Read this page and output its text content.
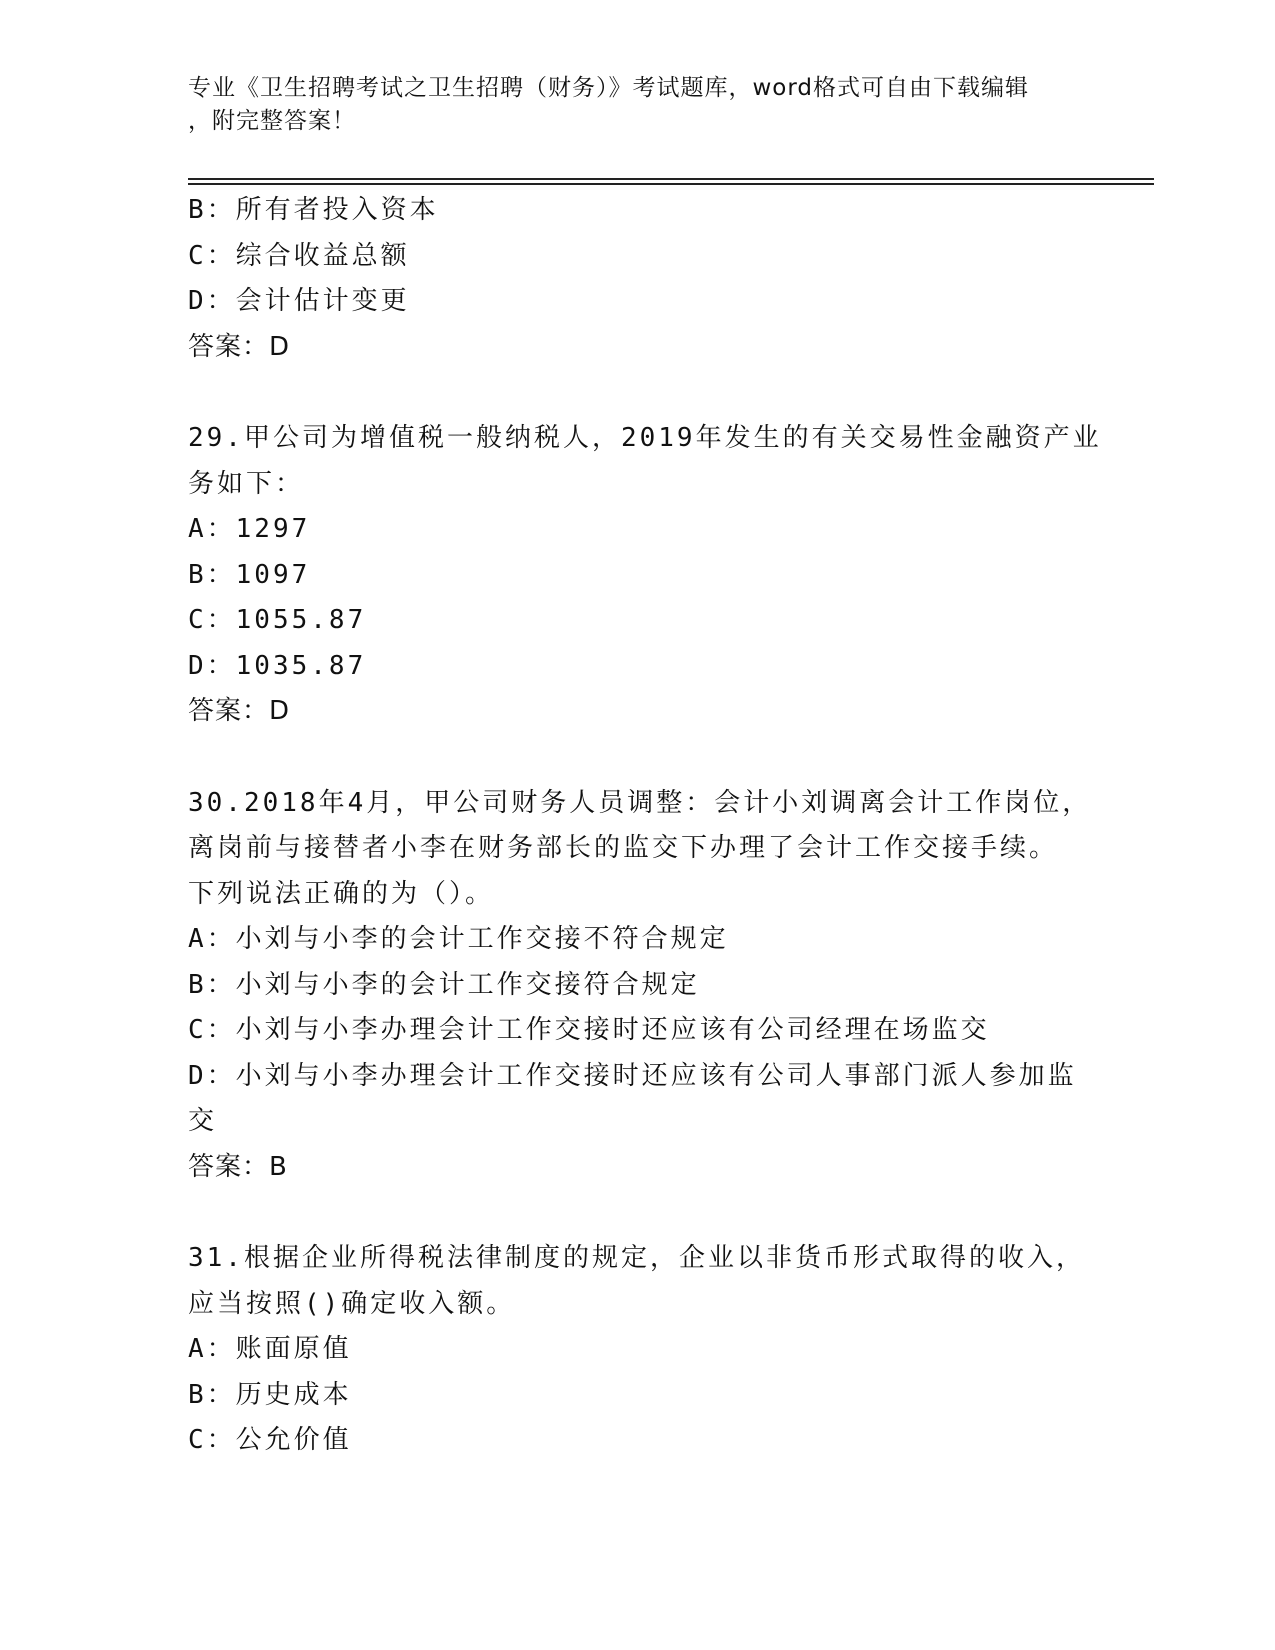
专业《卫生招聘考试之卫生招聘（财务）》考试题库，word格式可自由下载编辑
，附完整答案！
B：所有者投入资本
C：综合收益总额
D：会计估计变更
答案：D
29.甲公司为增值税一般纳税人，2019年发生的有关交易性金融资产业
务如下：
A：1297
B：1097
C：1055.87
D：1035.87
答案：D
30.2018年4月，甲公司财务人员调整：会计小刘调离会计工作岗位，
离岗前与接替者小李在财务部长的监交下办理了会计工作交接手续。
下列说法正确的为（）。
A：小刘与小李的会计工作交接不符合规定
B：小刘与小李的会计工作交接符合规定
C：小刘与小李办理会计工作交接时还应该有公司经理在场监交
D：小刘与小李办理会计工作交接时还应该有公司人事部门派人参加监
交
答案：B
31.根据企业所得税法律制度的规定，企业以非货币形式取得的收入，
应当按照()确定收入额。
A：账面原值
B：历史成本
C：公允价值
